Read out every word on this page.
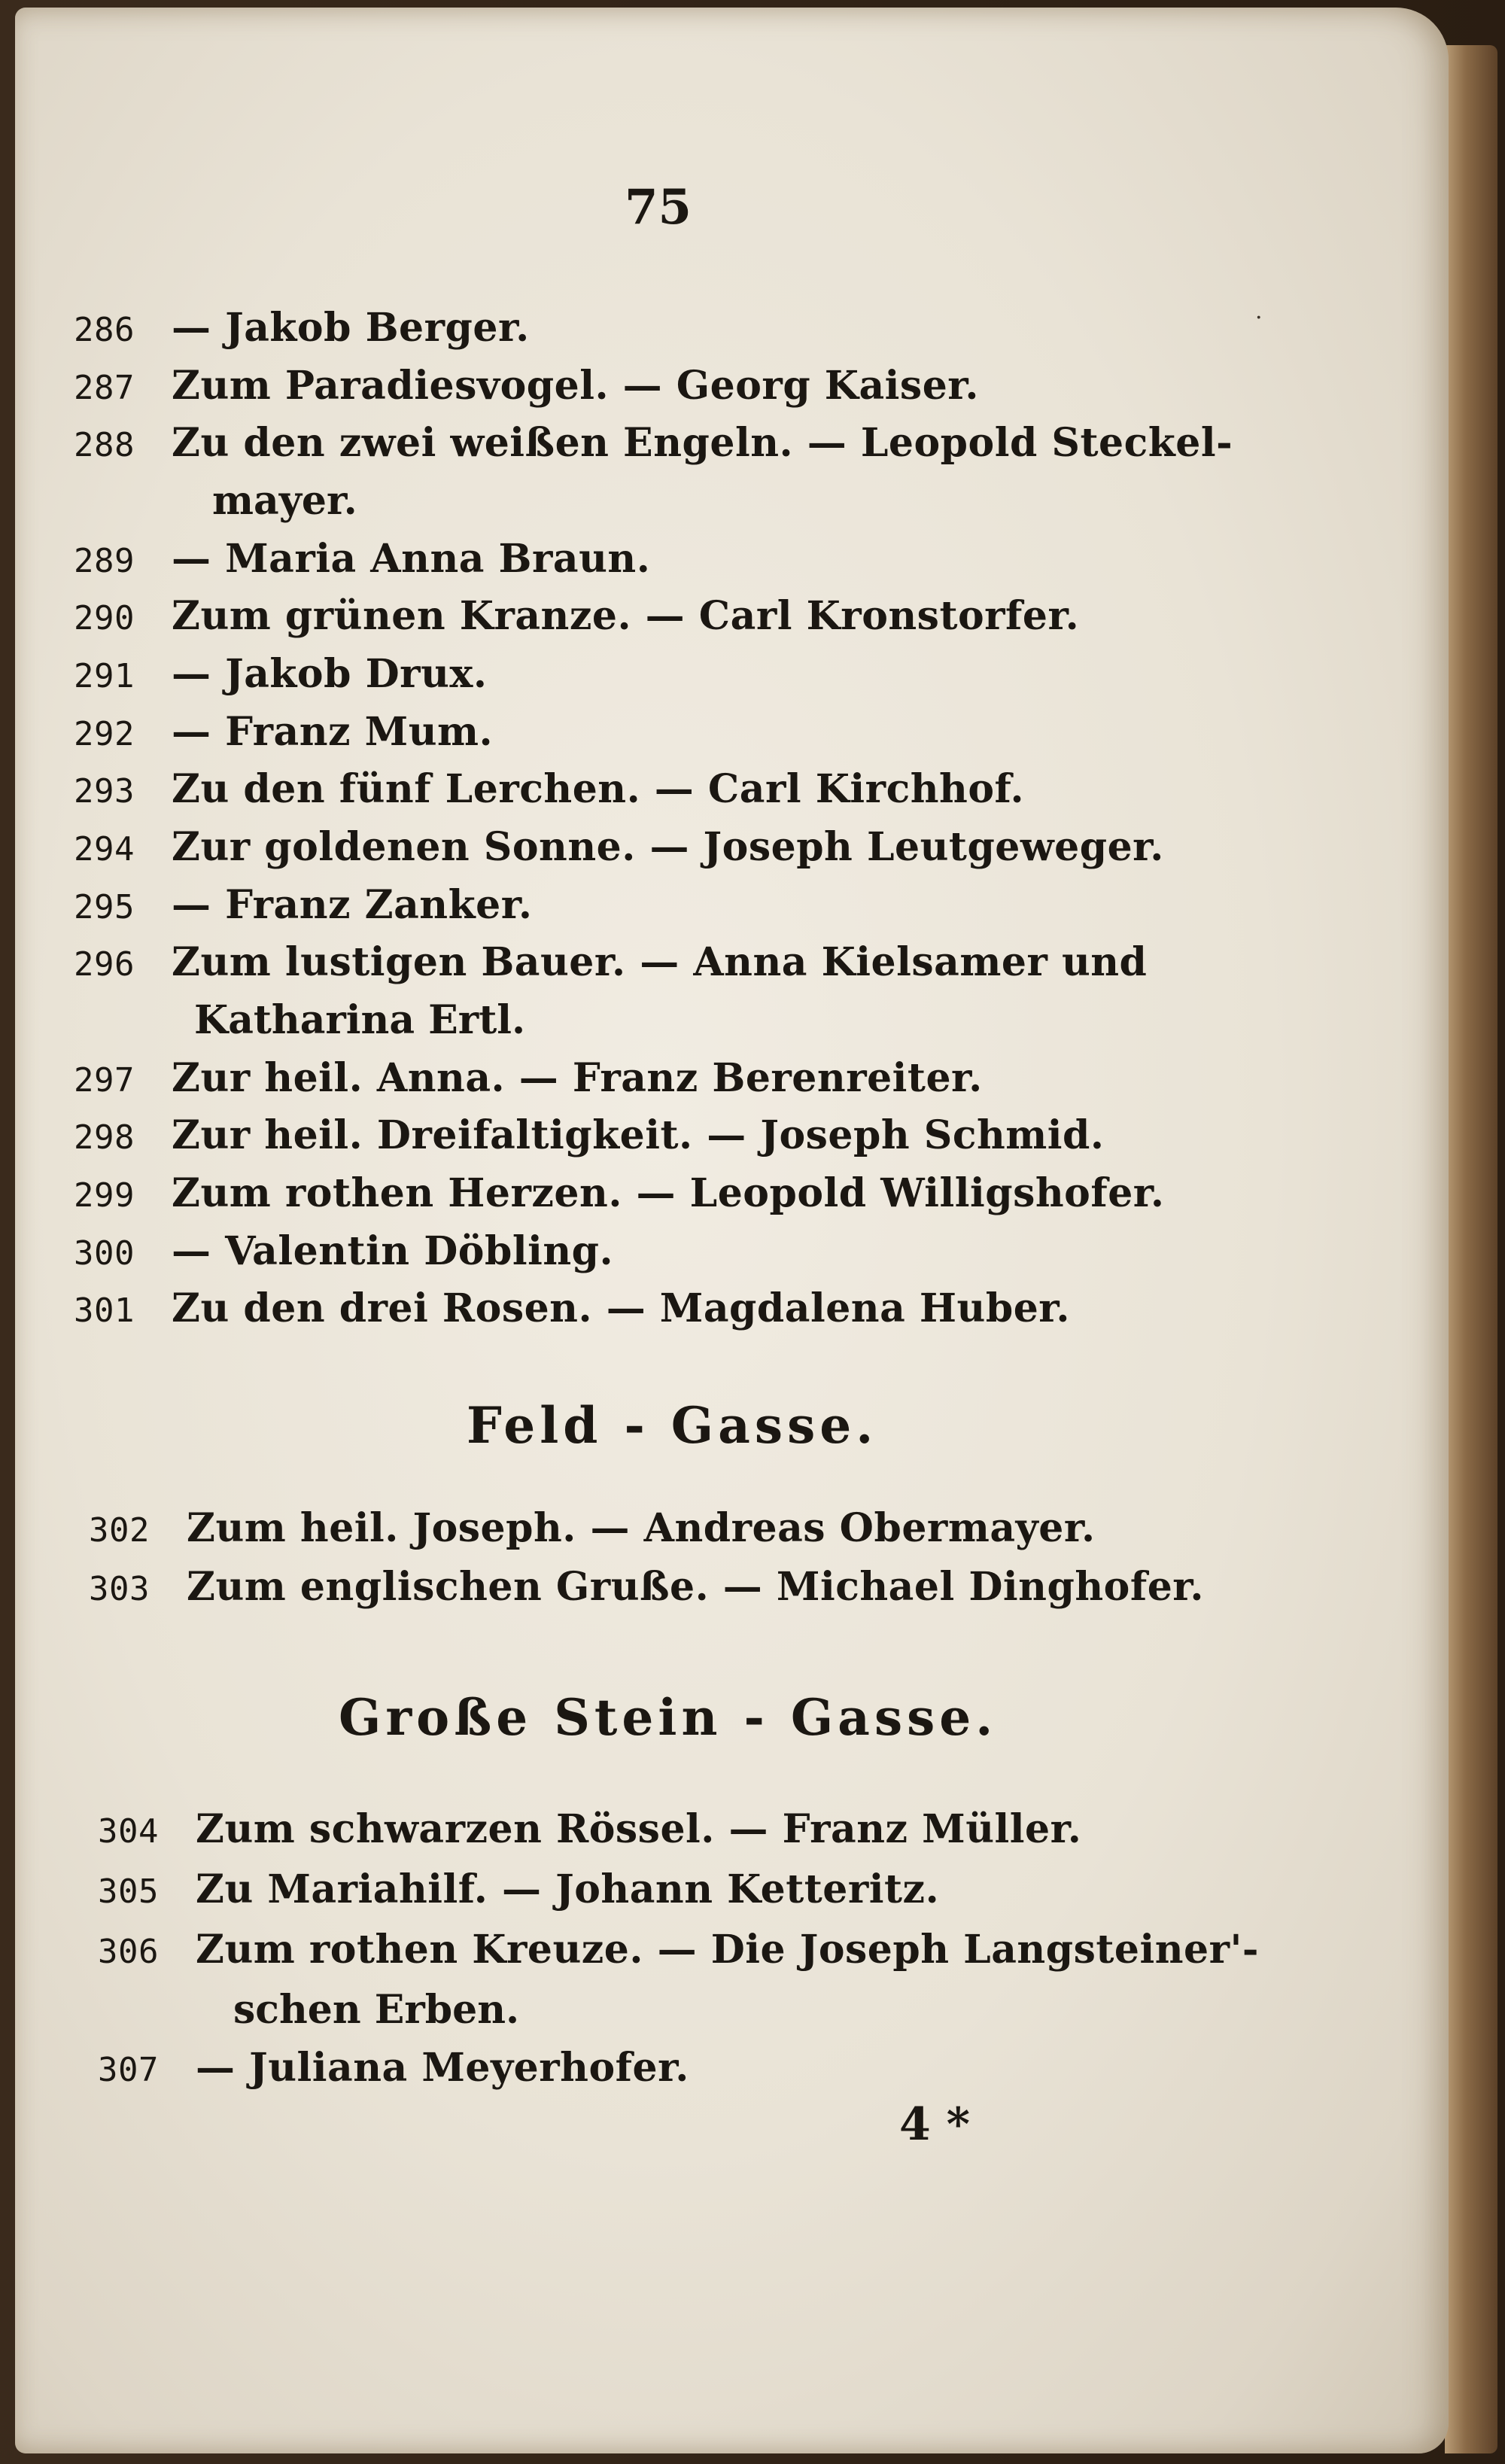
75
·
286 — Jakob Berger.
287 Zum Paradiesvogel. — Georg Kaiser.
288 Zu den zwei weißen Engeln. — Leopold Steckel-
mayer.
289 — Maria Anna Braun.
290 Zum grünen Kranze. — Carl Kronstorfer.
291 — Jakob Drux.
292 — Franz Mum.
293 Zu den fünf Lerchen. — Carl Kirchhof.
294 Zur goldenen Sonne. — Joseph Leutgeweger.
295 — Franz Zanker.
296 Zum lustigen Bauer. — Anna Kielsamer und
Katharina Ertl.
297 Zur heil. Anna. — Franz Berenreiter.
298 Zur heil. Dreifaltigkeit. — Joseph Schmid.
299 Zum rothen Herzen. — Leopold Willigshofer.
300 — Valentin Döbling.
301 Zu den drei Rosen. — Magdalena Huber.
Feld - Gasse.
302 Zum heil. Joseph. — Andreas Obermayer.
303 Zum englischen Gruße. — Michael Dinghofer.
Große Stein - Gasse.
304 Zum schwarzen Rössel. — Franz Müller.
305 Zu Mariahilf. — Johann Ketteritz.
306 Zum rothen Kreuze. — Die Joseph Langsteiner'-
schen Erben.
307 — Juliana Meyerhofer.
4 *
